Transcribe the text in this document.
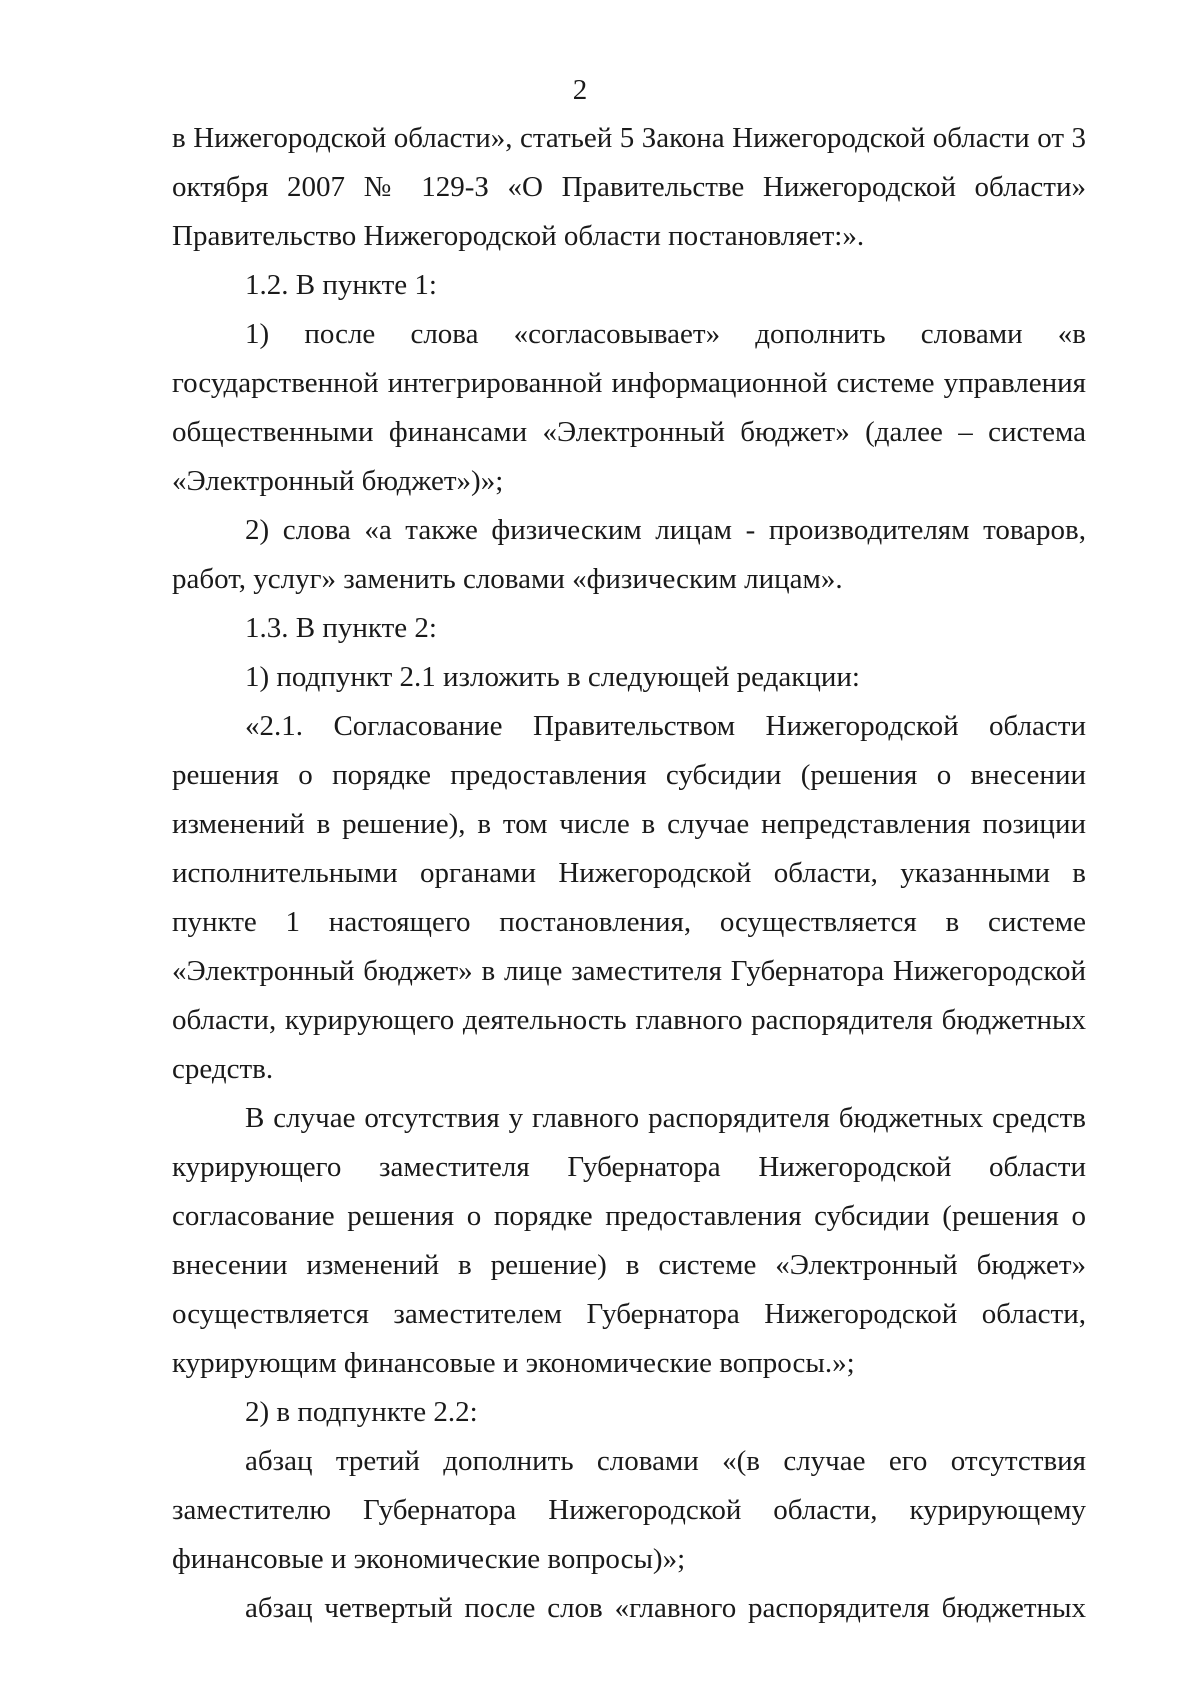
2

в Нижегородской области», статьей 5 Закона Нижегородской области от 3 октября 2007 № 129-З «О Правительстве Нижегородской области» Правительство Нижегородской области постановляет:».

1.2. В пункте 1:

1) после слова «согласовывает» дополнить словами «в государственной интегрированной информационной системе управления общественными финансами «Электронный бюджет» (далее – система «Электронный бюджет»)»;

2) слова «а также физическим лицам - производителям товаров, работ, услуг» заменить словами «физическим лицам».

1.3. В пункте 2:

1) подпункт 2.1 изложить в следующей редакции:

«2.1. Согласование Правительством Нижегородской области решения о порядке предоставления субсидии (решения о внесении изменений в решение), в том числе в случае непредставления позиции исполнительными органами Нижегородской области, указанными в пункте 1 настоящего постановления, осуществляется в системе «Электронный бюджет» в лице заместителя Губернатора Нижегородской области, курирующего деятельность главного распорядителя бюджетных средств.

В случае отсутствия у главного распорядителя бюджетных средств курирующего заместителя Губернатора Нижегородской области согласование решения о порядке предоставления субсидии (решения о внесении изменений в решение) в системе «Электронный бюджет» осуществляется заместителем Губернатора Нижегородской области, курирующим финансовые и экономические вопросы.»;

2) в подпункте 2.2:

абзац третий дополнить словами «(в случае его отсутствия заместителю Губернатора Нижегородской области, курирующему финансовые и экономические вопросы)»;

абзац четвертый после слов «главного распорядителя бюджетных
